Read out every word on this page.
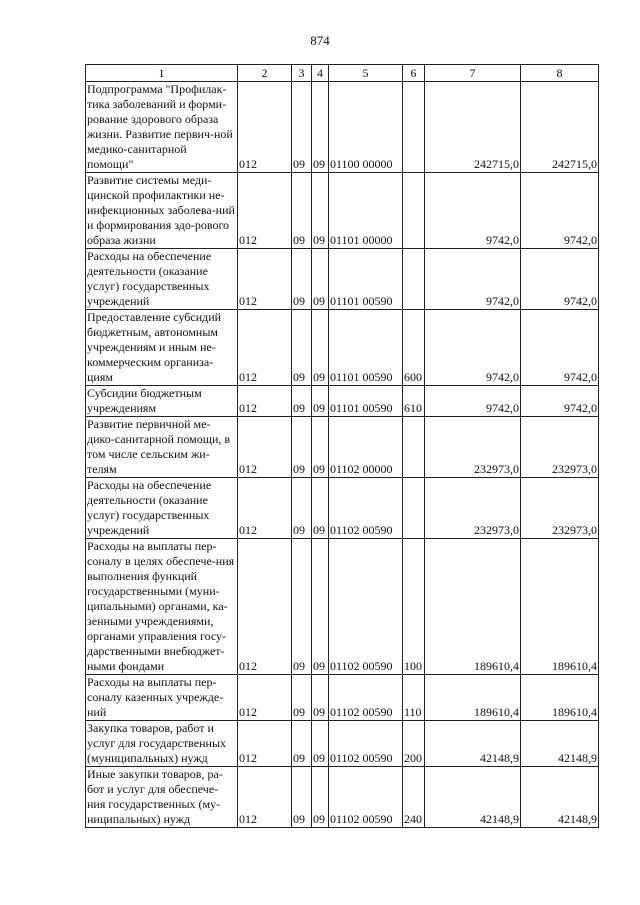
874
1	2	3	4	5	6	7	8
Подпрограмма "Профилак-тика заболеваний и форми-рование здорового образа жизни. Развитие первич-ной медико-санитарной помощи"	012	09	09	01100 00000		242715,0	242715,0
Развитие системы меди-цинской профилактики не-инфекционных заболева-ний и формирования здо-рового образа жизни	012	09	09	01101 00000		9742,0	9742,0
Расходы на обеспечение деятельности (оказание услуг) государственных учреждений	012	09	09	01101 00590		9742,0	9742,0
Предоставление субсидий бюджетным, автономным учреждениям и иным не-коммерческим организа-циям	012	09	09	01101 00590	600	9742,0	9742,0
Субсидии бюджетным учреждениям	012	09	09	01101 00590	610	9742,0	9742,0
Развитие первичной ме-дико-санитарной помощи, в том числе сельским жи-телям	012	09	09	01102 00000		232973,0	232973,0
Расходы на обеспечение деятельности (оказание услуг) государственных учреждений	012	09	09	01102 00590		232973,0	232973,0
Расходы на выплаты пер-соналу в целях обеспече-ния выполнения функций государственными (муни-ципальными) органами, ка-зенными учреждениями, органами управления госу-дарственными внебюджет-ными фондами	012	09	09	01102 00590	100	189610,4	189610,4
Расходы на выплаты пер-соналу казенных учрежде-ний	012	09	09	01102 00590	110	189610,4	189610,4
Закупка товаров, работ и услуг для государственных (муниципальных) нужд	012	09	09	01102 00590	200	42148,9	42148,9
Иные закупки товаров, ра-бот и услуг для обеспече-ния государственных (му-ниципальных) нужд	012	09	09	01102 00590	240	42148,9	42148,9
